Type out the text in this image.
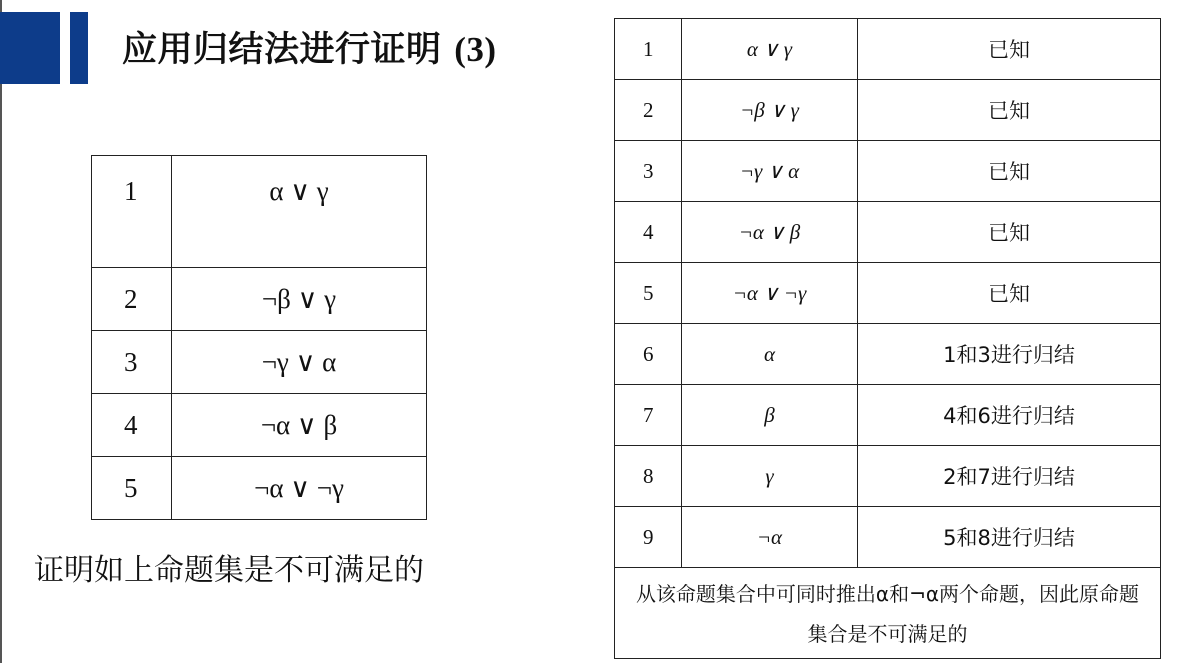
应用归结法进行证明 (3)
1	α ∨ γ
2	¬β ∨ γ
3	¬γ ∨ α
4	¬α ∨ β
5	¬α ∨ ¬γ
证明如上命题集是不可满足的
1	α ∨ γ	已知
2	¬β ∨ γ	已知
3	¬γ ∨ α	已知
4	¬α ∨ β	已知
5	¬α ∨ ¬γ	已知
6	α	1和3进行归结
7	β	4和6进行归结
8	γ	2和7进行归结
9	¬α	5和8进行归结
从该命题集合中可同时推出α和¬α两个命题，因此原命题集合是不可满足的		
